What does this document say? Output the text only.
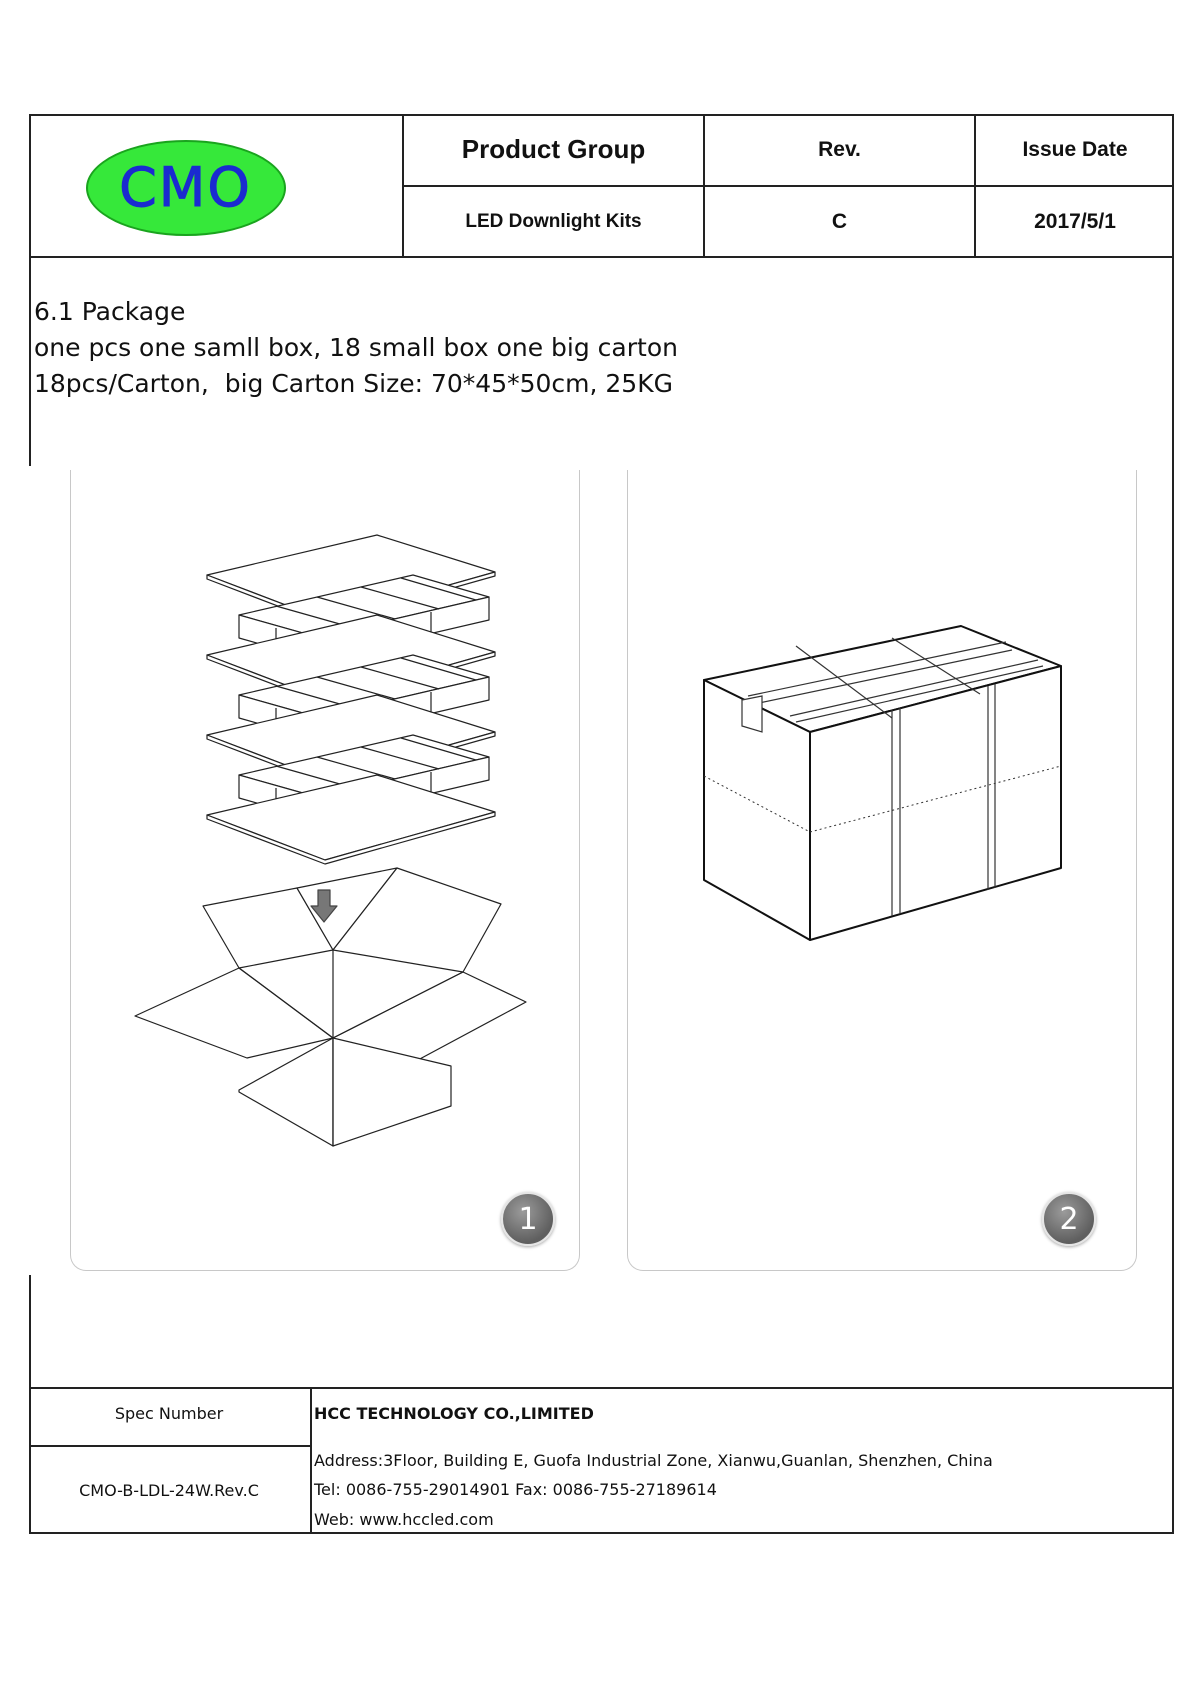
CMO
Product Group	Rev.	Issue Date
LED Downlight Kits	C	2017/5/1
6.1 Package
one pcs one samll box, 18 small box one big carton
18pcs/Carton,  big Carton Size: 70*45*50cm, 25KG
1	2
Spec Number
CMO-B-LDL-24W.Rev.C
HCC TECHNOLOGY CO.,LIMITED
Address:3Floor, Building E, Guofa Industrial Zone, Xianwu,Guanlan, Shenzhen, China
Tel: 0086-755-29014901 Fax: 0086-755-27189614
Web: www.hccled.com
